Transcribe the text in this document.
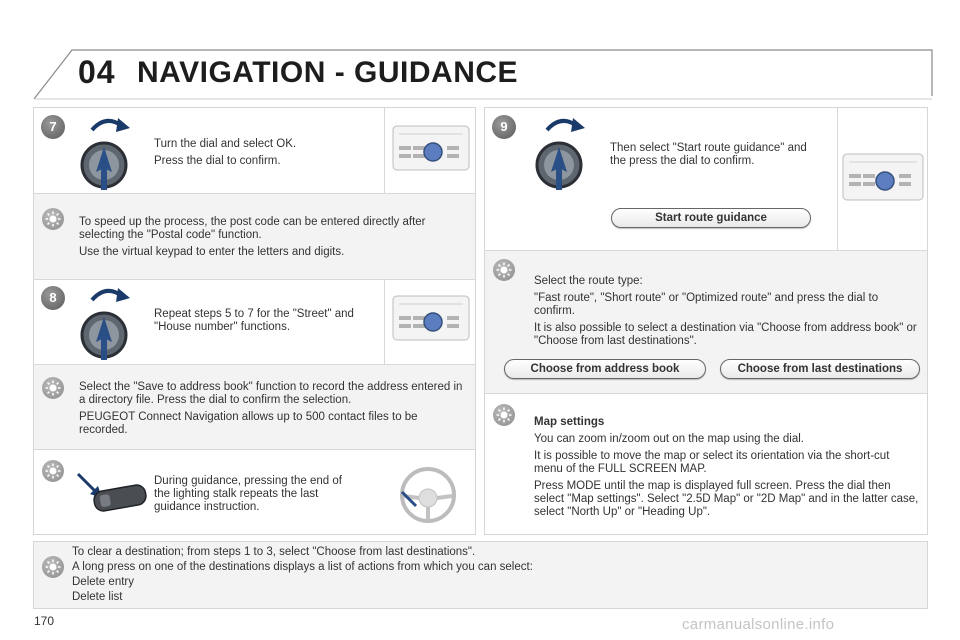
04 NAVIGATION - GUIDANCE
7

Turn the dial and select OK.

Press the dial to confirm.

To speed up the process, the post code can be entered directly after selecting the "Postal code" function.

Use the virtual keypad to enter the letters and digits.

8

Repeat steps 5 to 7 for the "Street" and "House number" functions.

Select the "Save to address book" function to record the address entered in a directory file. Press the dial to confirm the selection.

PEUGEOT Connect Navigation allows up to 500 contact files to be recorded.

During guidance, pressing the end of the lighting stalk repeats the last guidance instruction.

9

Then select "Start route guidance" and the press the dial to confirm.

Start route guidance

Select the route type:

"Fast route", "Short route" or "Optimized route" and press the dial to confirm.

It is also possible to select a destination via "Choose from address book" or "Choose from last destinations".

Choose from address book	Choose from last destinations

Map settings

You can zoom in/zoom out on the map using the dial.

It is possible to move the map or select its orientation via the short-cut menu of the FULL SCREEN MAP.

Press MODE until the map is displayed full screen. Press the dial then select "Map settings". Select "2.5D Map" or "2D Map" and in the latter case, select "North Up" or "Heading Up".

To clear a destination; from steps 1 to 3, select "Choose from last destinations".

A long press on one of the destinations displays a list of actions from which you can select:

Delete entry

Delete list

170	carmanualsonline.info
